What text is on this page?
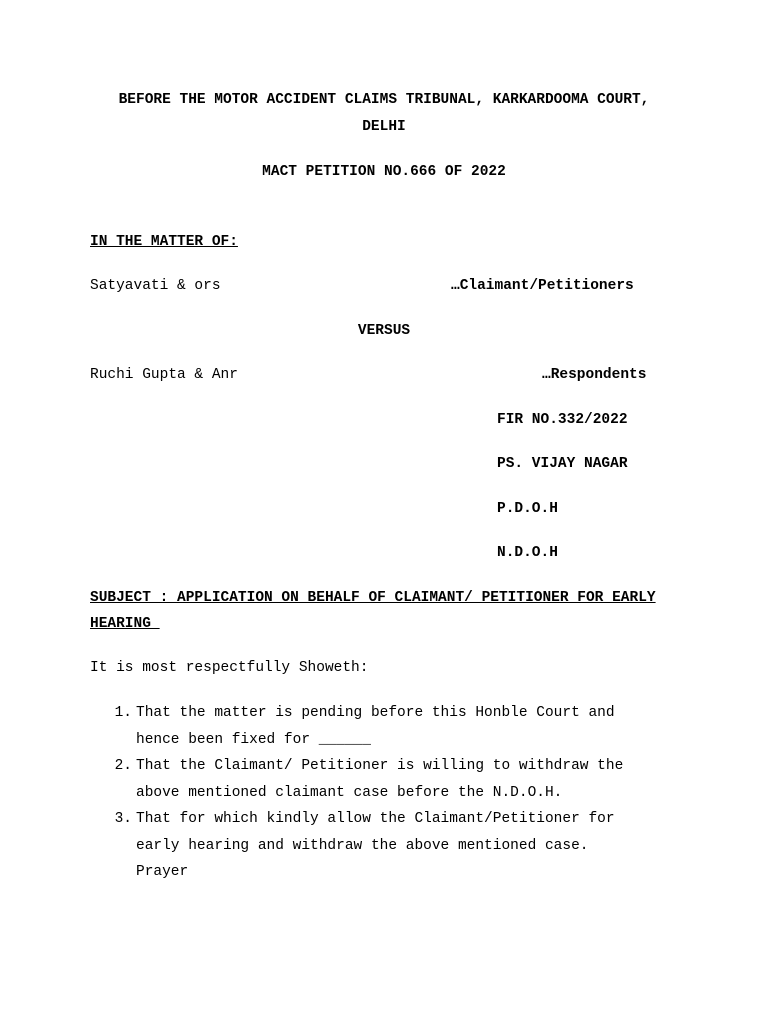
BEFORE THE MOTOR ACCIDENT CLAIMS TRIBUNAL, KARKARDOOMA COURT,
DELHI
MACT PETITION NO.666 OF 2022
IN THE MATTER OF:
Satyavati & ors	…Claimant/Petitioners
VERSUS
Ruchi Gupta & Anr	…Respondents
FIR NO.332/2022
PS. VIJAY NAGAR
P.D.O.H
N.D.O.H
SUBJECT : APPLICATION ON BEHALF OF CLAIMANT/ PETITIONER FOR EARLY
HEARING
It is most respectfully Showeth:
1. That the matter is pending before this Honble Court and
hence been fixed for ______
2. That the Claimant/ Petitioner is willing to withdraw the
above mentioned claimant case before the N.D.O.H.
3. That for which kindly allow the Claimant/Petitioner for
early hearing and withdraw the above mentioned case.
Prayer
